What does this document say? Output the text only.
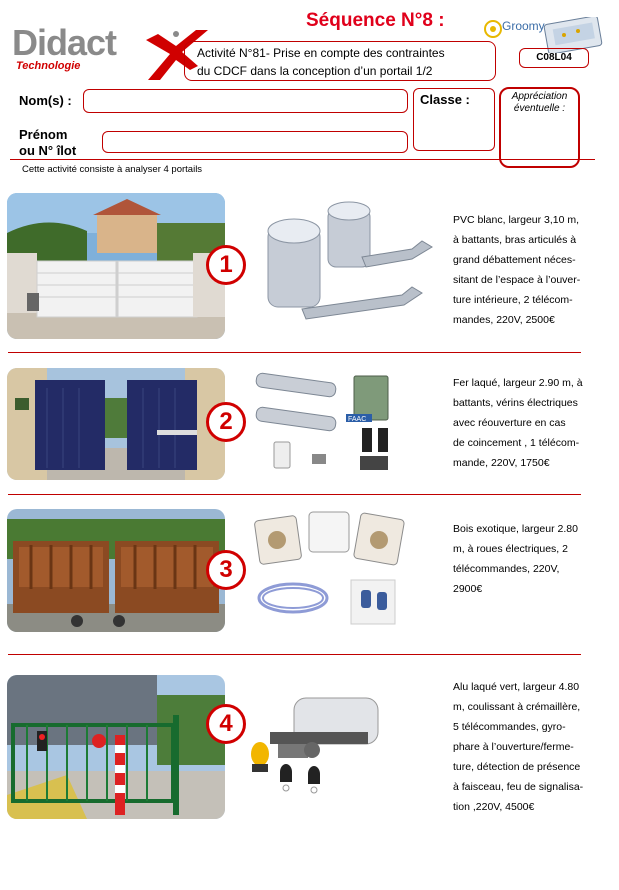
Didact
Technologie
Séquence N°8 :	Groomy
Activité N°81- Prise en compte des contraintes
du CDCF dans la conception d’un portail 1/2
C08L04
Nom(s) :
Prénom
ou N° îlot
Classe :	Appréciation
éventuelle :
Cette activité consiste à analyser 4 portails
1
PVC blanc, largeur 3,10 m,
à battants, bras articulés à
grand débattement néces-
sitant de l’espace à l’ouver-
ture intérieure, 2 télécom-
mandes, 220V, 2500€
2	FAAC
Fer laqué, largeur 2.90 m, à
battants, vérins électriques
avec réouverture en cas
de coincement , 1 télécom-
mande, 220V, 1750€
3
Bois exotique, largeur 2.80
m, à roues électriques, 2
télécommandes, 220V,
2900€
4
Alu laqué vert, largeur 4.80
m, coulissant à crémaillère,
5 télécommandes, gyro-
phare à l’ouverture/ferme-
ture, détection de présence
à faisceau, feu de signalisa-
tion ,220V, 4500€
